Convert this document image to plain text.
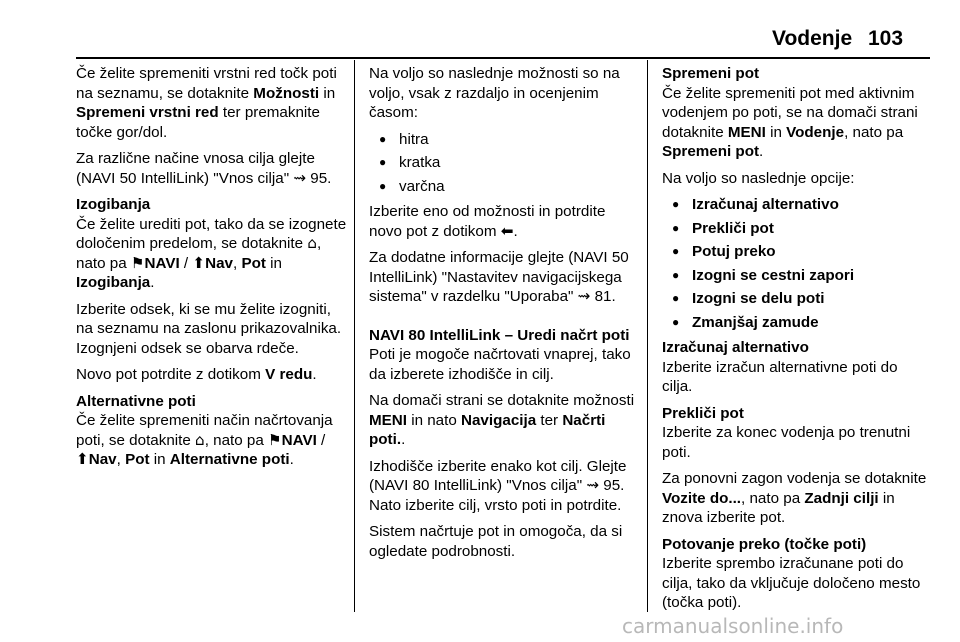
Vodenje 103

Če želite spremeniti vrstni red točk poti na seznamu, se dotaknite Možnosti in Spremeni vrstni red ter premaknite točke gor/dol.

Za različne načine vnosa cilja glejte (NAVI 50 IntelliLink) "Vnos cilja" ⇝ 95.

Izogibanja

Če želite urediti pot, tako da se izognete določenim predelom, se dotaknite ⌂, nato pa ⚑NAVI / ⬆Nav, Pot in Izogibanja.

Izberite odsek, ki se mu želite izogniti, na seznamu na zaslonu prikazovalnika. Izognjeni odsek se obarva rdeče.

Novo pot potrdite z dotikom V redu.

Alternativne poti

Če želite spremeniti način načrtovanja poti, se dotaknite ⌂, nato pa ⚑NAVI / ⬆Nav, Pot in Alternativne poti.

Na voljo so naslednje možnosti so na voljo, vsak z razdaljo in ocenjenim časom:

● hitra
● kratka
● varčna

Izberite eno od možnosti in potrdite novo pot z dotikom ⬅.

Za dodatne informacije glejte (NAVI 50 IntelliLink) "Nastavitev navigacijskega sistema" v razdelku "Uporaba" ⇝ 81.

NAVI 80 IntelliLink – Uredi načrt poti

Poti je mogoče načrtovati vnaprej, tako da izberete izhodišče in cilj.

Na domači strani se dotaknite možnosti MENI in nato Navigacija ter Načrti poti..

Izhodišče izberite enako kot cilj. Glejte (NAVI 80 IntelliLink) "Vnos cilja" ⇝ 95. Nato izberite cilj, vrsto poti in potrdite.

Sistem načrtuje pot in omogoča, da si ogledate podrobnosti.

Spremeni pot

Če želite spremeniti pot med aktivnim vodenjem po poti, se na domači strani dotaknite MENI in Vodenje, nato pa Spremeni pot.

Na voljo so naslednje opcije:

● Izračunaj alternativo
● Prekliči pot
● Potuj preko
● Izogni se cestni zapori
● Izogni se delu poti
● Zmanjšaj zamude
Izračunaj alternativo

Izberite izračun alternativne poti do cilja.

Prekliči pot

Izberite za konec vodenja po trenutni poti.

Za ponovni zagon vodenja se dotaknite Vozite do..., nato pa Zadnji cilji in znova izberite pot.

Potovanje preko (točke poti)

Izberite sprembo izračunane poti do cilja, tako da vključuje določeno mesto (točka poti).

carmanualsonline.info
